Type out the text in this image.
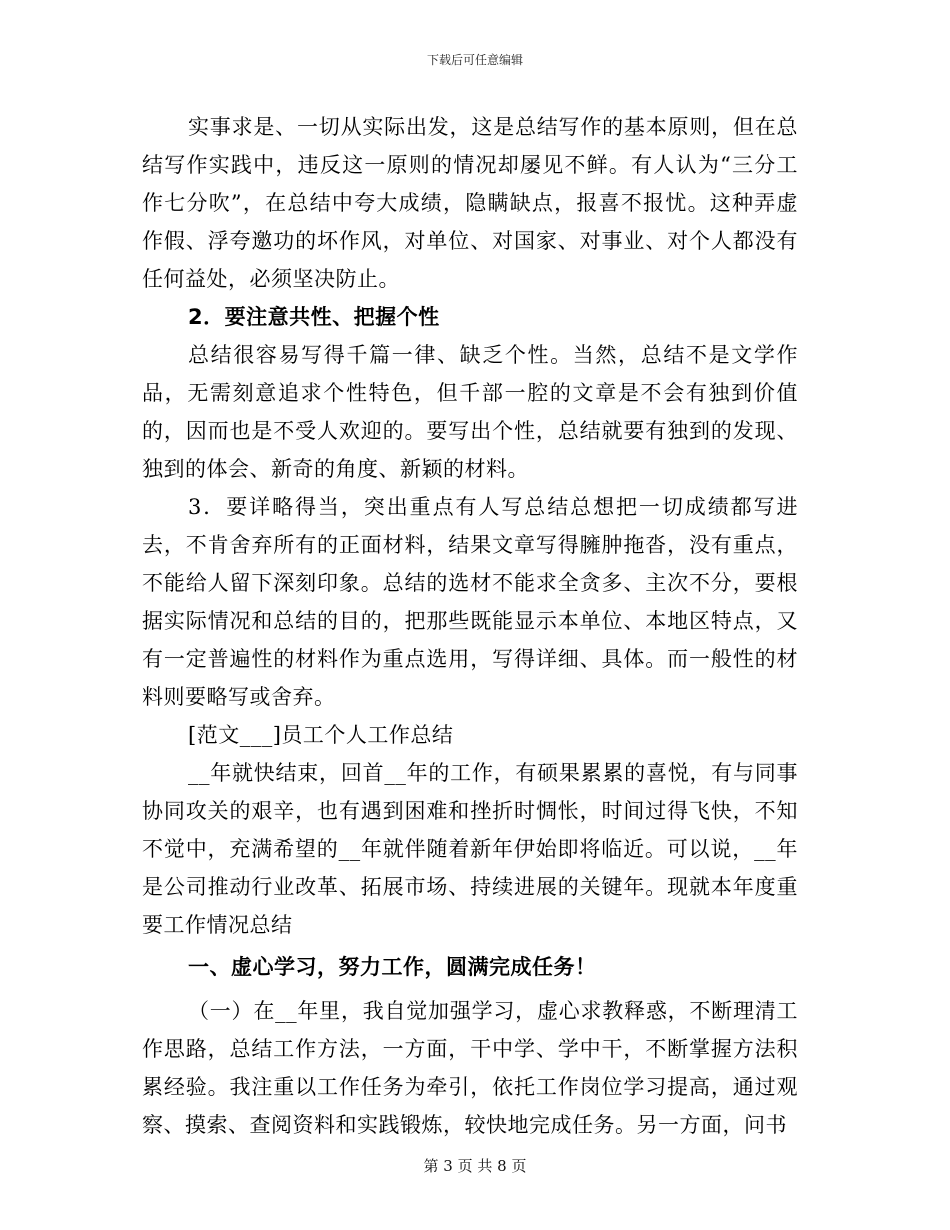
下载后可任意编辑

实事求是、一切从实际出发，这是总结写作的基本原则，但在总结写作实践中，违反这一原则的情况却屡见不鲜。有人认为“三分工作七分吹”，在总结中夸大成绩，隐瞒缺点，报喜不报忧。这种弄虚作假、浮夸邀功的坏作风，对单位、对国家、对事业、对个人都没有任何益处，必须坚决防止。

2．要注意共性、把握个性

总结很容易写得千篇一律、缺乏个性。当然，总结不是文学作品，无需刻意追求个性特色，但千部一腔的文章是不会有独到价值的，因而也是不受人欢迎的。要写出个性，总结就要有独到的发现、独到的体会、新奇的角度、新颖的材料。

3．要详略得当，突出重点有人写总结总想把一切成绩都写进去，不肯舍弃所有的正面材料，结果文章写得臃肿拖沓，没有重点，不能给人留下深刻印象。总结的选材不能求全贪多、主次不分，要根据实际情况和总结的目的，把那些既能显示本单位、本地区特点，又有一定普遍性的材料作为重点选用，写得详细、具体。而一般性的材料则要略写或舍弃。

[范文___]员工个人工作总结

__年就快结束，回首__年的工作，有硕果累累的喜悦，有与同事协同攻关的艰辛，也有遇到困难和挫折时惆怅，时间过得飞快，不知不觉中，充满希望的__年就伴随着新年伊始即将临近。可以说，__年是公司推动行业改革、拓展市场、持续进展的关键年。现就本年度重要工作情况总结

一、虚心学习，努力工作，圆满完成任务！

（一）在__年里，我自觉加强学习，虚心求教释惑，不断理清工作思路，总结工作方法，一方面，干中学、学中干，不断掌握方法积累经验。我注重以工作任务为牵引，依托工作岗位学习提高，通过观察、摸索、查阅资料和实践锻炼，较快地完成任务。另一方面，问书

第 3 页 共 8 页
